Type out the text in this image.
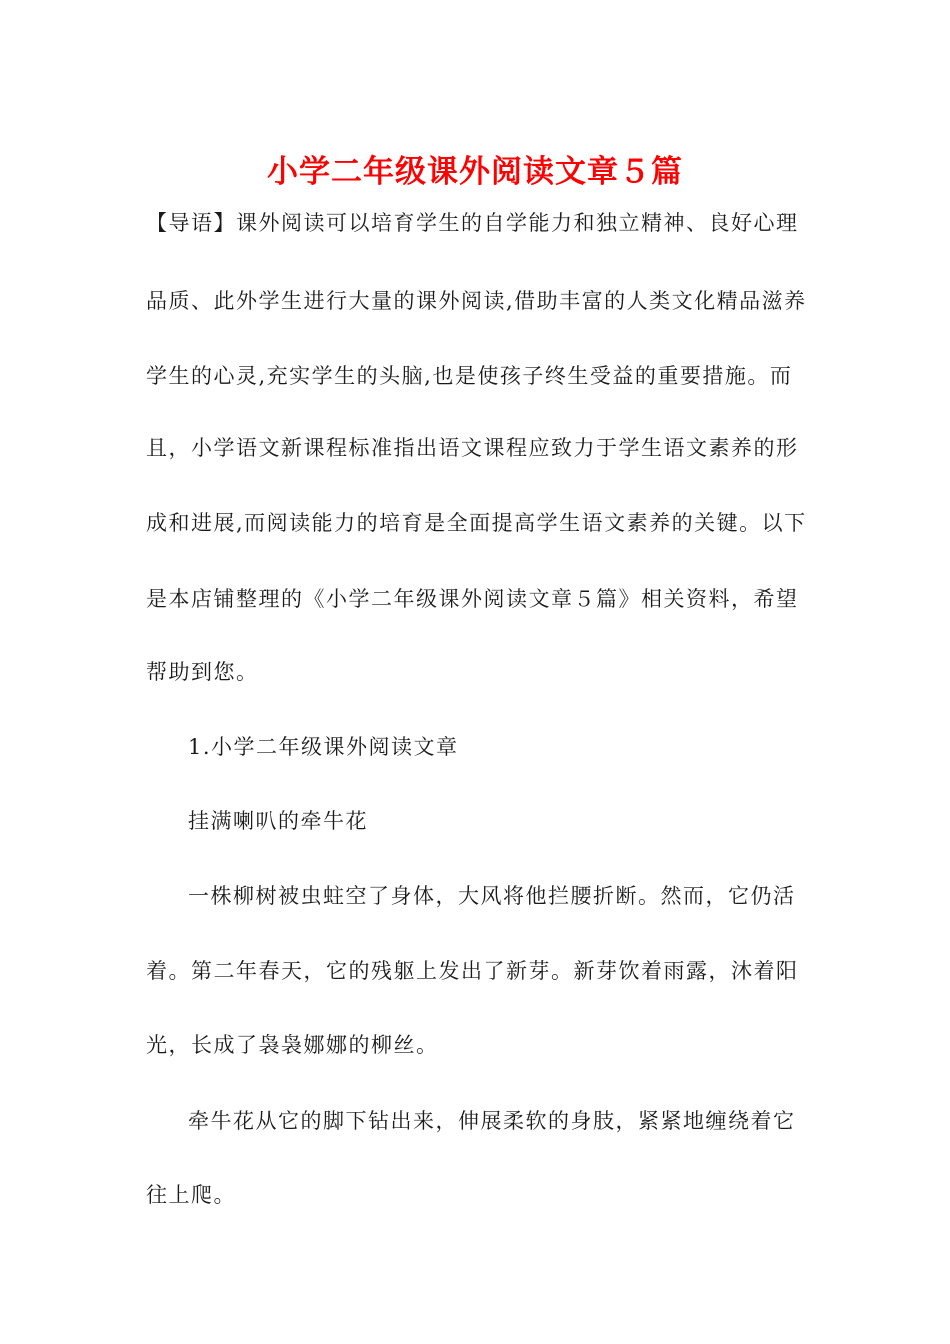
小学二年级课外阅读文章５篇

【导语】课外阅读可以培育学生的自学能力和独立精神、良好心理

品质、此外学生进行大量的课外阅读,借助丰富的人类文化精品滋养

学生的心灵,充实学生的头脑,也是使孩子终生受益的重要措施。而

且，小学语文新课程标准指出语文课程应致力于学生语文素养的形

成和进展,而阅读能力的培育是全面提高学生语文素养的关键。以下

是本店铺整理的《小学二年级课外阅读文章５篇》相关资料，希望

帮助到您。

1.小学二年级课外阅读文章

挂满喇叭的牵牛花

一株柳树被虫蛀空了身体，大风将他拦腰折断。然而，它仍活

着。第二年春天，它的残躯上发出了新芽。新芽饮着雨露，沐着阳

光，长成了袅袅娜娜的柳丝。

牵牛花从它的脚下钻出来，伸展柔软的身肢，紧紧地缠绕着它

往上爬。
